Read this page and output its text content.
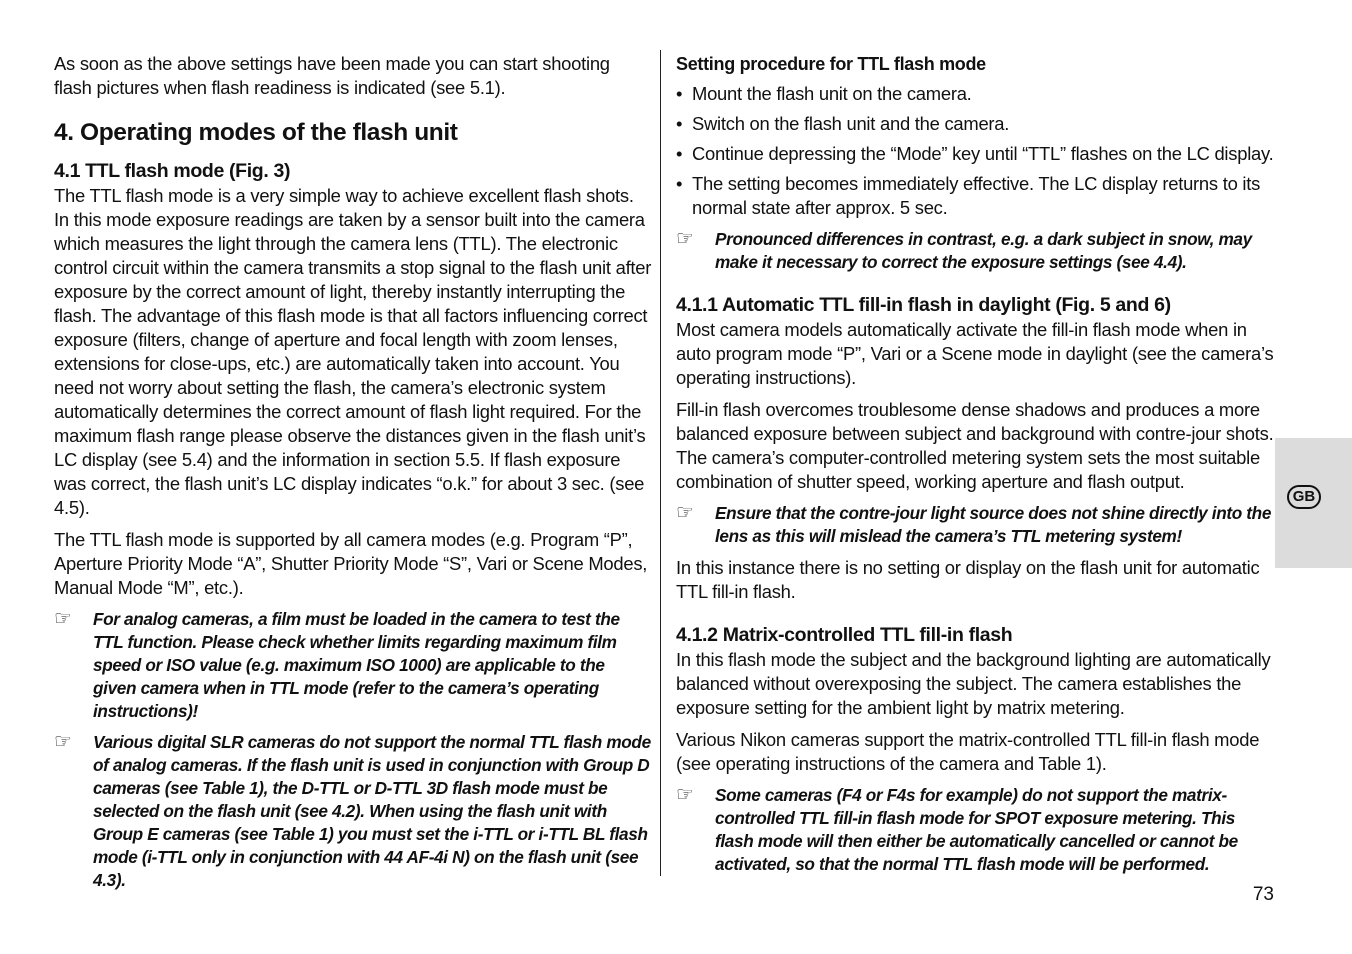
As soon as the above settings have been made you can start shooting flash pictures when flash readiness is indicated (see 5.1).

4. Operating modes of the flash unit
4.1 TTL flash mode (Fig. 3)

The TTL flash mode is a very simple way to achieve excellent flash shots. In this mode exposure readings are taken by a sensor built into the camera which measures the light through the camera lens (TTL). The electronic control circuit within the camera transmits a stop signal to the flash unit after exposure by the correct amount of light, thereby instantly interrupting the flash. The advantage of this flash mode is that all factors influencing correct exposure (filters, change of aperture and focal length with zoom lenses, extensions for close-ups, etc.) are automatically taken into account. You need not worry about setting the flash, the camera’s electronic system automatically determines the correct amount of flash light required. For the maximum flash range please observe the distances given in the flash unit’s LC display (see 5.4) and the information in section 5.5. If flash exposure was correct, the flash unit’s LC display indicates “o.k.” for about 3 sec. (see 4.5).

The TTL flash mode is supported by all camera modes (e.g. Program “P”, Aperture Priority Mode “A”, Shutter Priority Mode “S”, Vari or Scene Modes, Manual Mode “M”, etc.).

☞ For analog cameras, a film must be loaded in the camera to test the TTL function. Please check whether limits regarding maximum film speed or ISO value (e.g. maximum ISO 1000) are applicable to the given camera when in TTL mode (refer to the camera’s operating instructions)!
☞ Various digital SLR cameras do not support the normal TTL flash mode of analog cameras. If the flash unit is used in conjunction with Group D cameras (see Table 1), the D-TTL or D-TTL 3D flash mode must be selected on the flash unit (see 4.2). When using the flash unit with Group E cameras (see Table 1) you must set the i-TTL or i-TTL BL flash mode (i-TTL only in conjunction with 44 AF-4i N) on the flash unit (see 4.3).
Setting procedure for TTL flash mode
• Mount the flash unit on the camera.
• Switch on the flash unit and the camera.
• Continue depressing the “Mode” key until “TTL” flashes on the LC display.
• The setting becomes immediately effective. The LC display returns to its normal state after approx. 5 sec.
☞ Pronounced differences in contrast, e.g. a dark subject in snow, may make it necessary to correct the exposure settings (see 4.4).
4.1.1 Automatic TTL fill-in flash in daylight (Fig. 5 and 6)

Most camera models automatically activate the fill-in flash mode when in auto program mode “P”, Vari or a Scene mode in daylight (see the camera’s operating instructions).

Fill-in flash overcomes troublesome dense shadows and produces a more balanced exposure between subject and background with contre-jour shots. The camera’s computer-controlled metering system sets the most suitable combination of shutter speed, working aperture and flash output.

☞ Ensure that the contre-jour light source does not shine directly into the lens as this will mislead the camera’s TTL metering system!

In this instance there is no setting or display on the flash unit for automatic TTL fill-in flash.

4.1.2 Matrix-controlled TTL fill-in flash

In this flash mode the subject and the background lighting are automatically balanced without overexposing the subject. The camera establishes the exposure setting for the ambient light by matrix metering.

Various Nikon cameras support the matrix-controlled TTL fill-in flash mode (see operating instructions of the camera and Table 1).

☞ Some cameras (F4 or F4s for example) do not support the matrix-controlled TTL fill-in flash mode for SPOT exposure metering. This flash mode will then either be automatically cancelled or cannot be activated, so that the normal TTL flash mode will be performed.
GB
73
